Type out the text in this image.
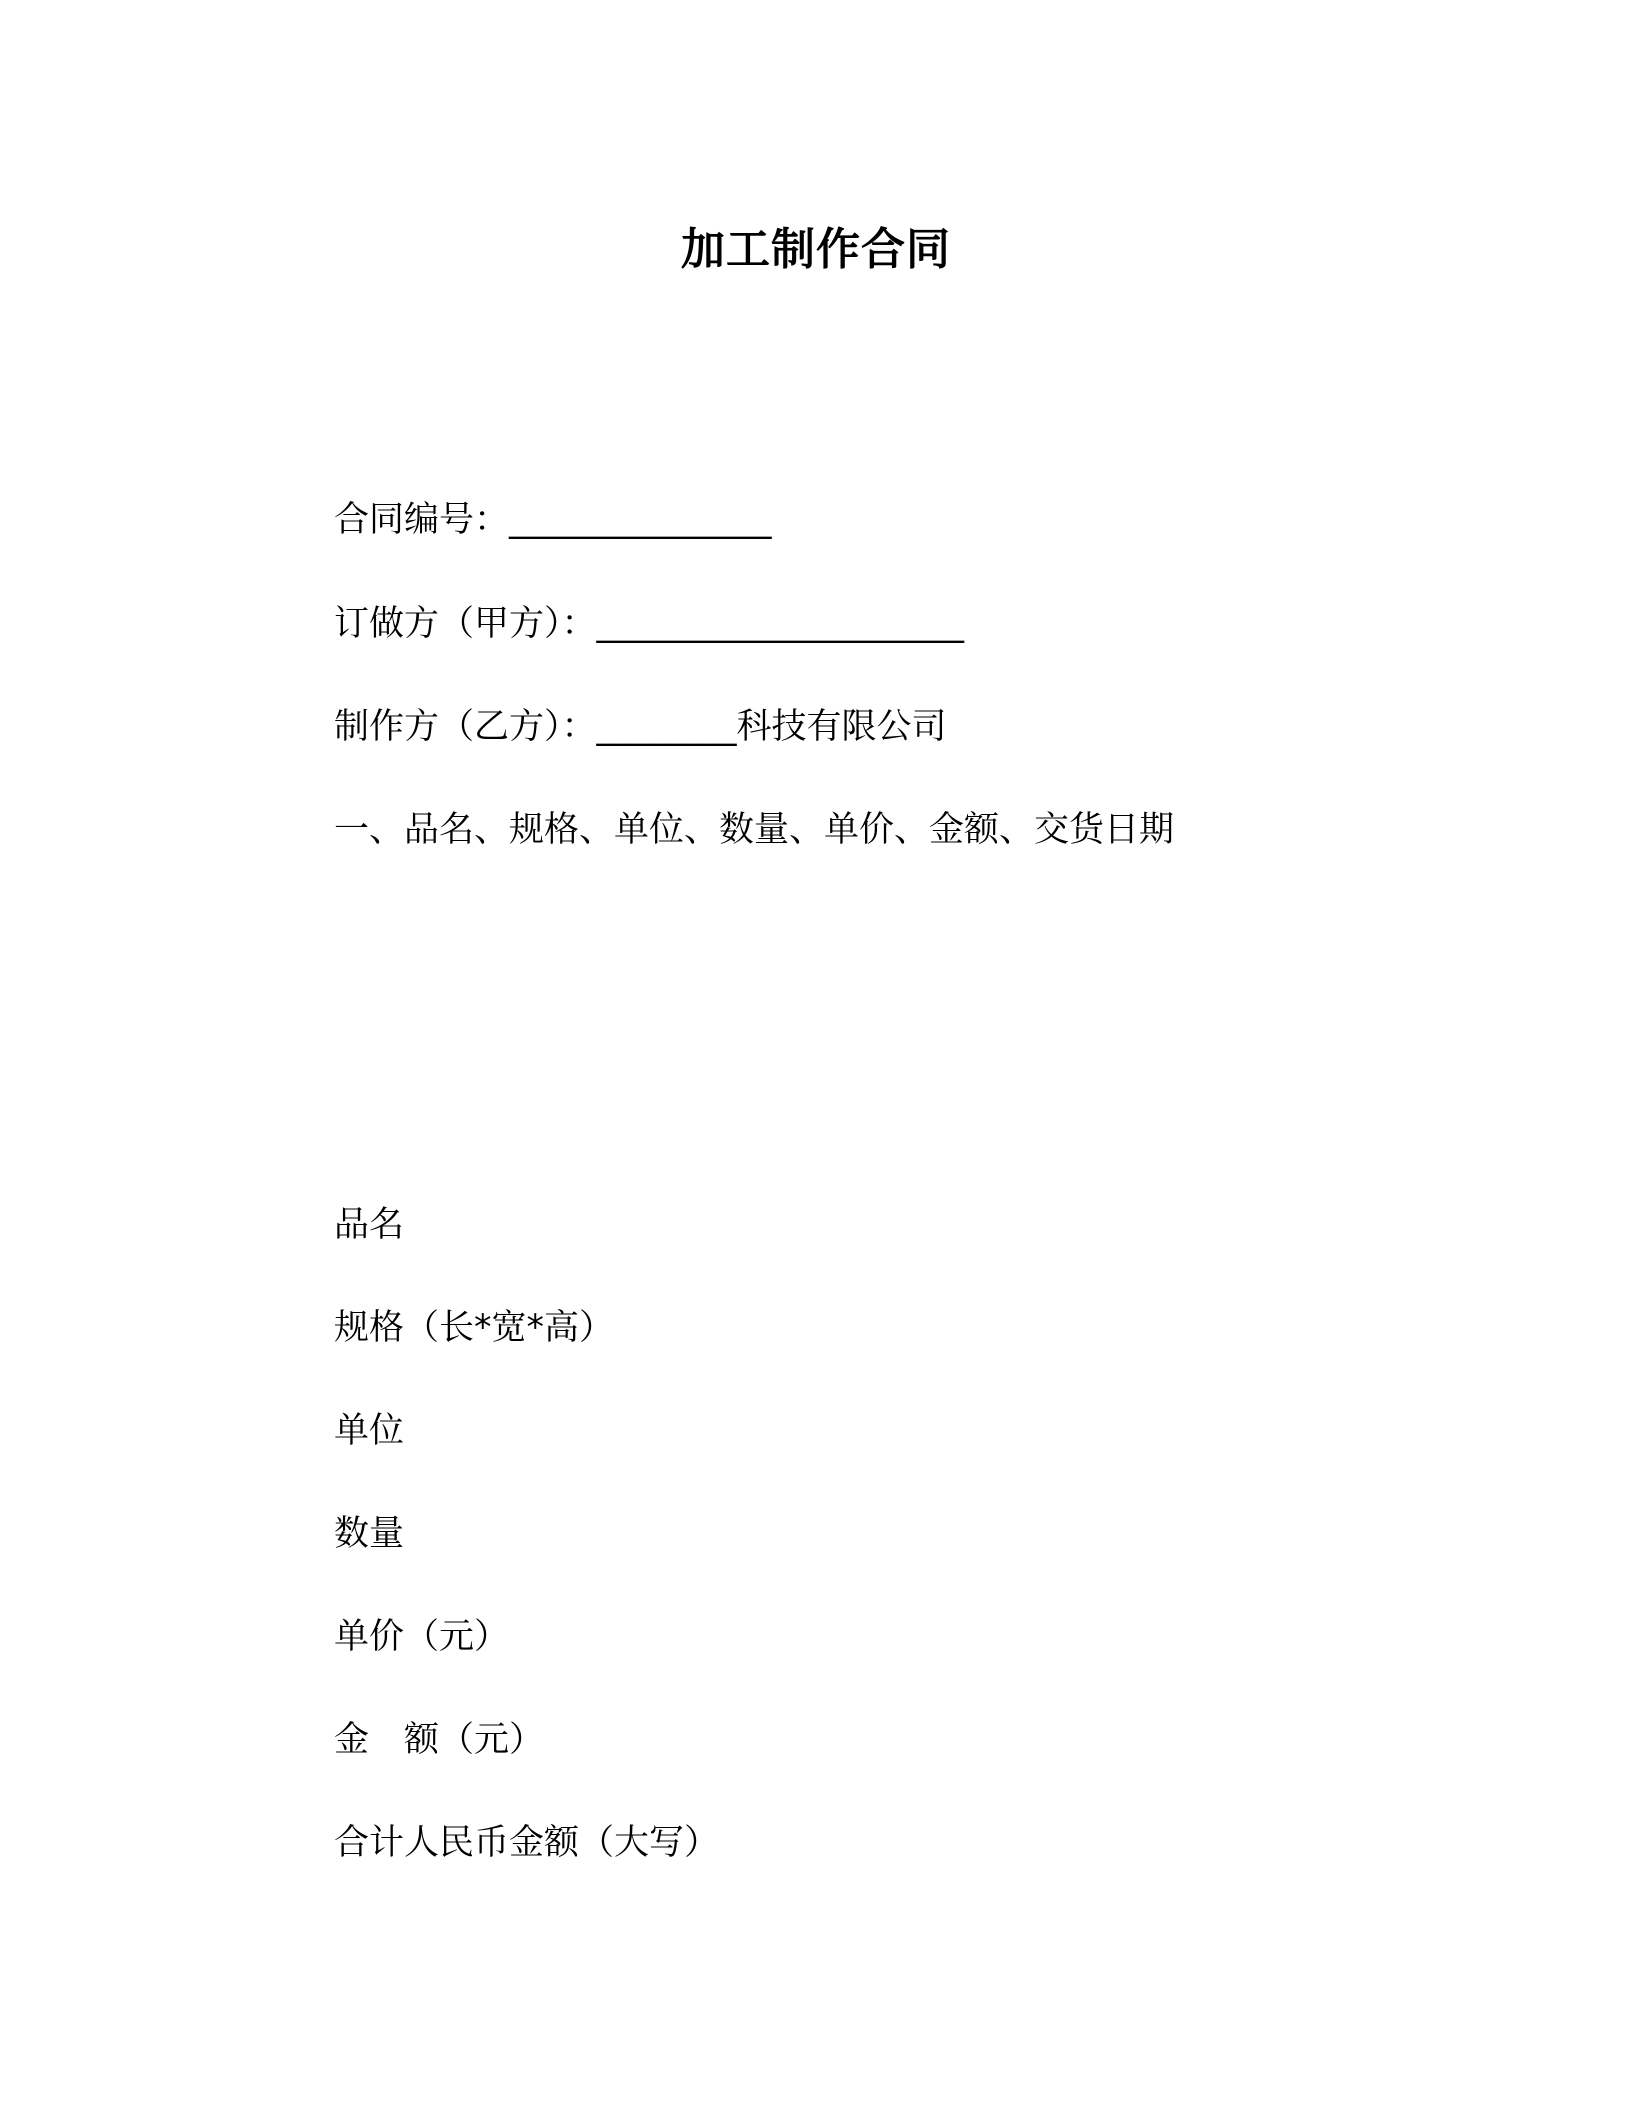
加工制作合同
合同编号：_______________
订做方（甲方）：_____________________
制作方（乙方）：________科技有限公司
一、品名、规格、单位、数量、单价、金额、交货日期
品名
规格（长*宽*高）
单位
数量
单价（元）
金　额（元）
合计人民币金额（大写）
